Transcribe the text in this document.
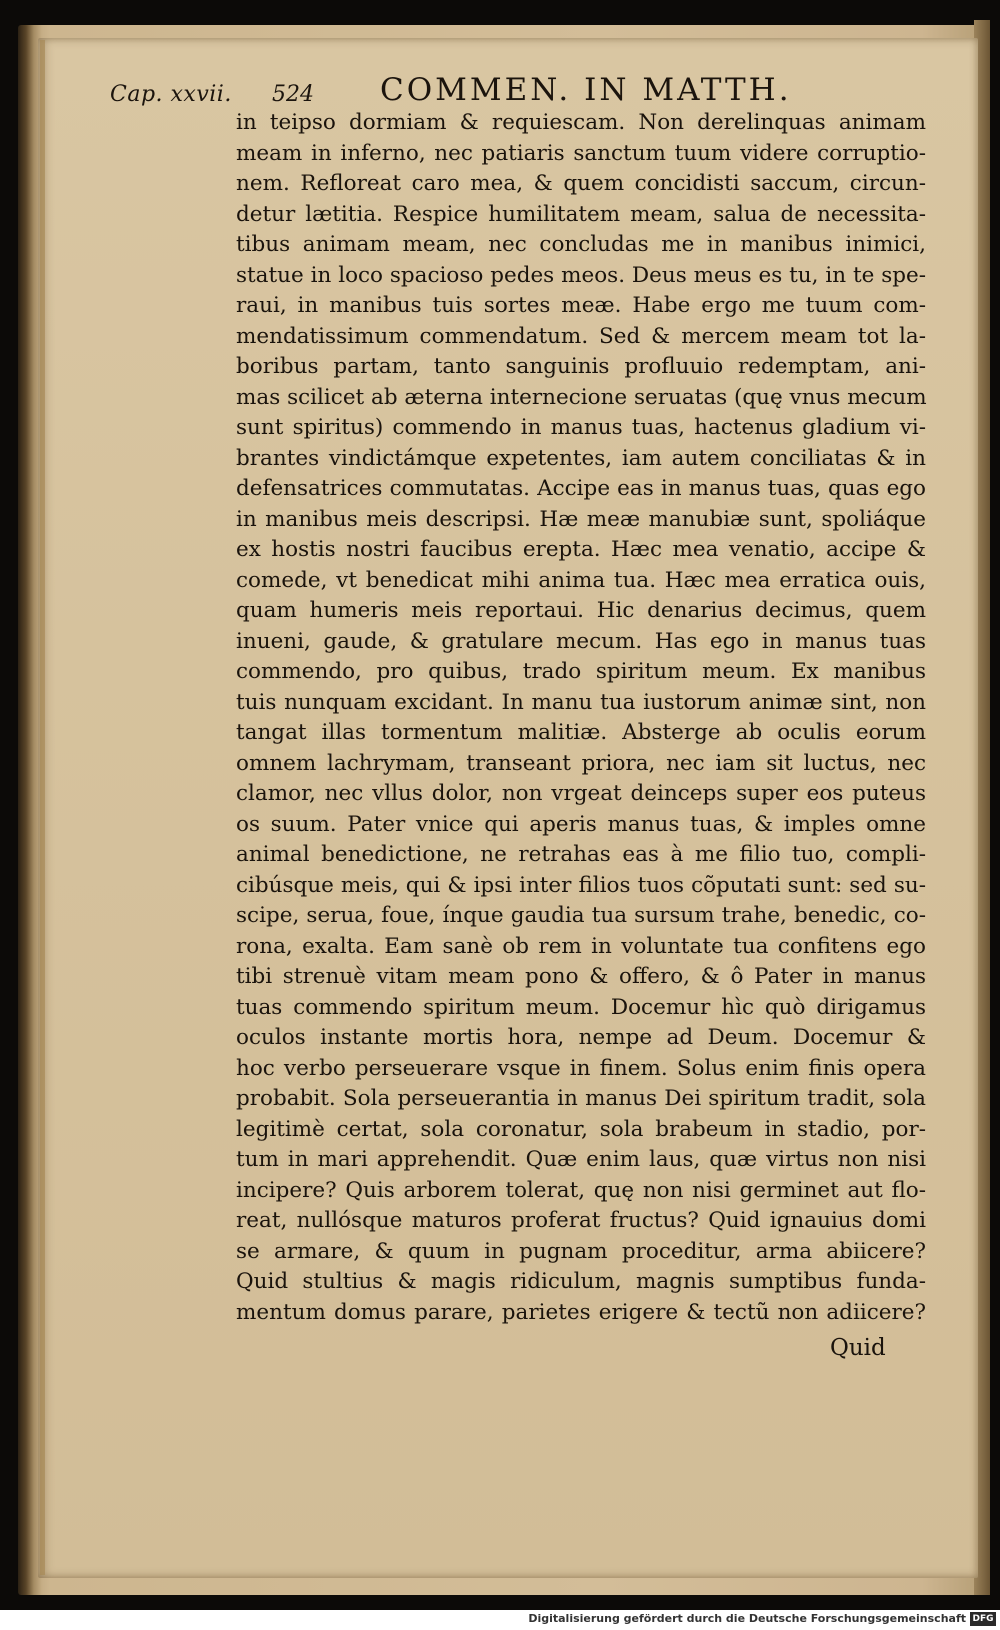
Cap. xxvii. 524 COMMEN. IN MATTH.
in teipso dormiam & requiescam. Non derelinquas animam
meam in inferno, nec patiaris sanctum tuum videre corruptio-
nem. Refloreat caro mea, & quem concidisti saccum, circun-
detur lætitia. Respice humilitatem meam, salua de necessita-
tibus animam meam, nec concludas me in manibus inimici,
statue in loco spacioso pedes meos. Deus meus es tu, in te spe-
raui, in manibus tuis sortes meæ. Habe ergo me tuum com-
mendatissimum commendatum. Sed & mercem meam tot la-
boribus partam, tanto sanguinis profluuio redemptam, ani-
mas scilicet ab æterna internecione seruatas (quę vnus mecum
sunt spiritus) commendo in manus tuas, hactenus gladium vi-
brantes vindictámque expetentes, iam autem conciliatas & in
defensatrices commutatas. Accipe eas in manus tuas, quas ego
in manibus meis descripsi. Hæ meæ manubiæ sunt, spoliáque
ex hostis nostri faucibus erepta. Hæc mea venatio, accipe &
comede, vt benedicat mihi anima tua. Hæc mea erratica ouis,
quam humeris meis reportaui. Hic denarius decimus, quem
inueni, gaude, & gratulare mecum. Has ego in manus tuas
commendo, pro quibus, trado spiritum meum. Ex manibus
tuis nunquam excidant. In manu tua iustorum animæ sint, non
tangat illas tormentum malitiæ. Absterge ab oculis eorum
omnem lachrymam, transeant priora, nec iam sit luctus, nec
clamor, nec vllus dolor, non vrgeat deinceps super eos puteus
os suum. Pater vnice qui aperis manus tuas, & imples omne
animal benedictione, ne retrahas eas à me filio tuo, compli-
cibúsque meis, qui & ipsi inter filios tuos cõputati sunt: sed su-
scipe, serua, foue, ínque gaudia tua sursum trahe, benedic, co-
rona, exalta. Eam sanè ob rem in voluntate tua confitens ego
tibi strenuè vitam meam pono & offero, & ô Pater in manus
tuas commendo spiritum meum. Docemur hìc quò dirigamus
oculos instante mortis hora, nempe ad Deum. Docemur &
hoc verbo perseuerare vsque in finem. Solus enim finis opera
probabit. Sola perseuerantia in manus Dei spiritum tradit, sola
legitimè certat, sola coronatur, sola brabeum in stadio, por-
tum in mari apprehendit. Quæ enim laus, quæ virtus non nisi
incipere? Quis arborem tolerat, quę non nisi germinet aut flo-
reat, nullósque maturos proferat fructus? Quid ignauius domi
se armare, & quum in pugnam proceditur, arma abiicere?
Quid stultius & magis ridiculum, magnis sumptibus funda-
mentum domus parare, parietes erigere & tectũ non adiicere?
Quid
Digitalisierung gefördert durch die Deutsche Forschungsgemeinschaft DFG
